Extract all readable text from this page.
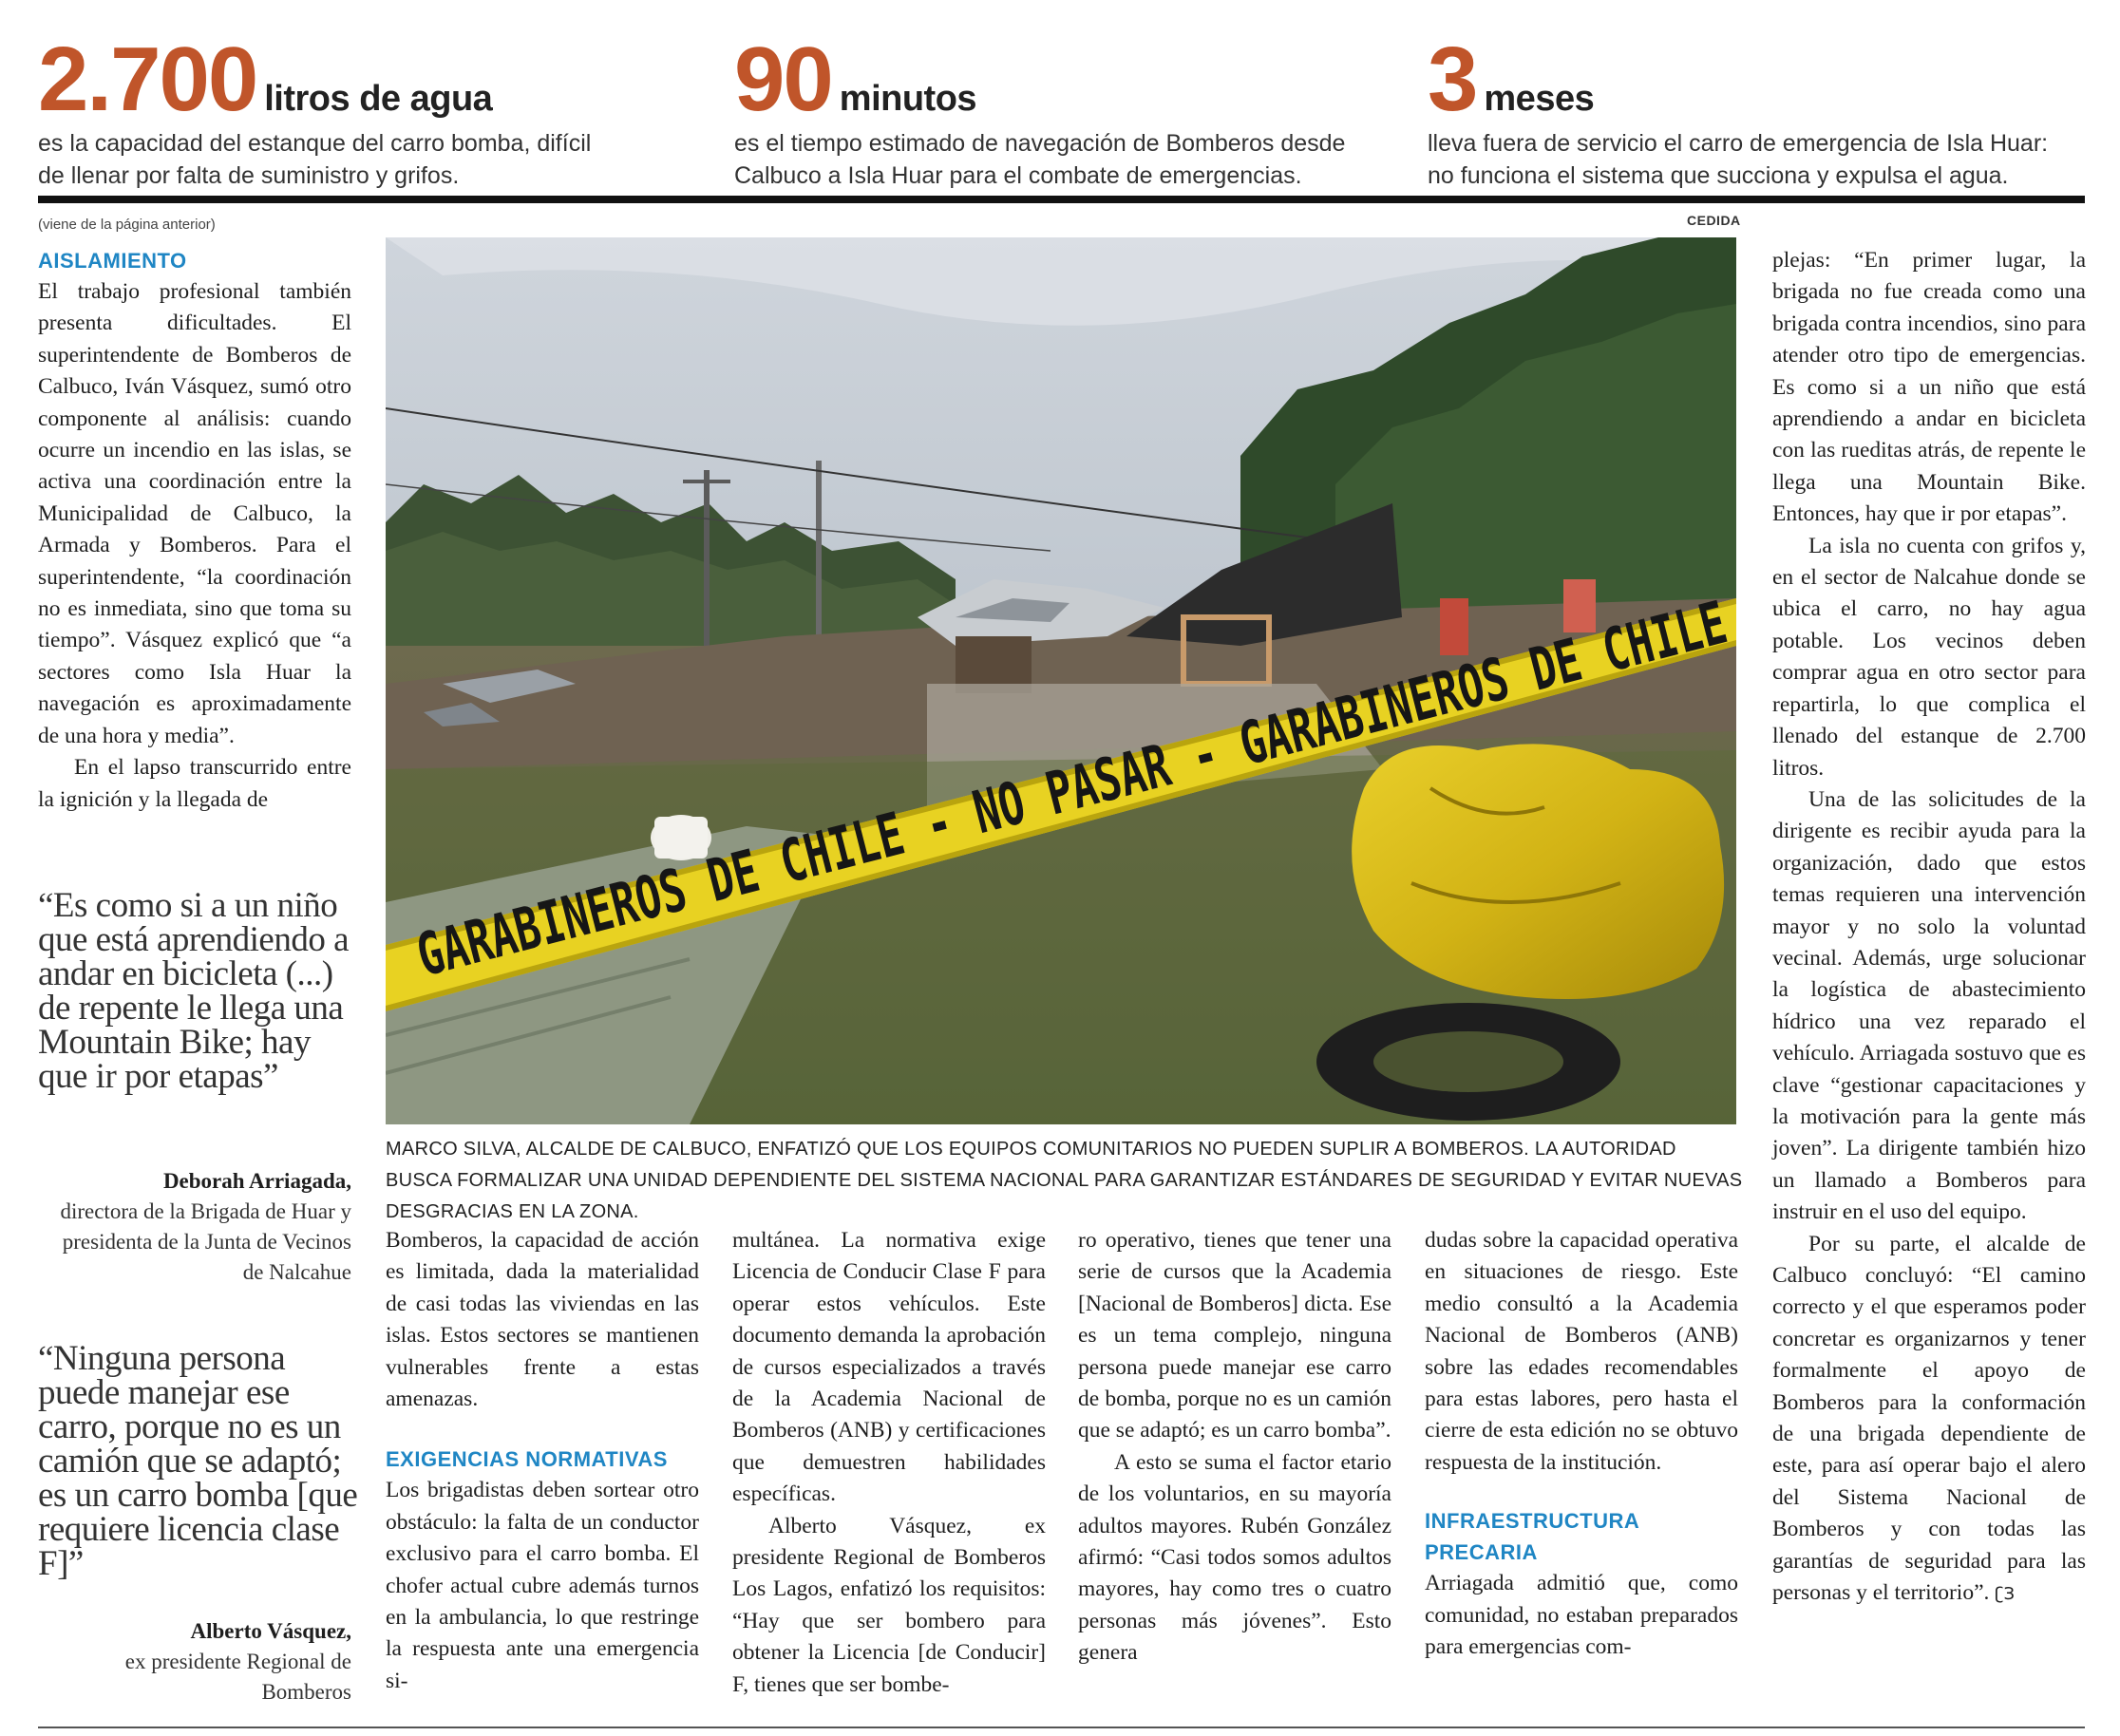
2.700 litros de agua
es la capacidad del estanque del carro bomba, difícil
de llenar por falta de suministro y grifos.
90 minutos
es el tiempo estimado de navegación de Bomberos desde
Calbuco a Isla Huar para el combate de emergencias.
3 meses
lleva fuera de servicio el carro de emergencia de Isla Huar:
no funciona el sistema que succiona y expulsa el agua.
(viene de la página anterior)	CEDIDA
AISLAMIENTO

El trabajo profesional también presenta dificultades. El superintendente de Bomberos de Calbuco, Iván Vásquez, sumó otro componente al análisis: cuando ocurre un incendio en las islas, se activa una coordinación entre la Municipalidad de Calbuco, la Armada y Bomberos. Para el superintendente, “la coordinación no es inmediata, sino que toma su tiempo”. Vásquez explicó que “a sectores como Isla Huar la navegación es aproximadamente de una hora y media”.

En el lapso transcurrido entre la ignición y la llegada de

“Es como si a un niño que está aprendiendo a andar en bicicleta (...) de repente le llega una Mountain Bike; hay que ir por etapas”
Deborah Arriagada,
directora de la Brigada de Huar y presidenta de la Junta de Vecinos de Nalcahue
“Ninguna persona puede manejar ese carro, porque no es un camión que se adaptó; es un carro bomba [que requiere licencia clase F]”
Alberto Vásquez,
ex presidente Regional de Bomberos
MARCO SILVA, ALCALDE DE CALBUCO, ENFATIZÓ QUE LOS EQUIPOS COMUNITARIOS NO PUEDEN SUPLIR A BOMBEROS. LA AUTORIDAD BUSCA FORMALIZAR UNA UNIDAD DEPENDIENTE DEL SISTEMA NACIONAL PARA GARANTIZAR ESTÁNDARES DE SEGURIDAD Y EVITAR NUEVAS DESGRACIAS EN LA ZONA.

Bomberos, la capacidad de acción es limitada, dada la materialidad de casi todas las viviendas en las islas. Estos sectores se mantienen vulnerables frente a estas amenazas.

EXIGENCIAS NORMATIVAS

Los brigadistas deben sortear otro obstáculo: la falta de un conductor exclusivo para el carro bomba. El chofer actual cubre además turnos en la ambulancia, lo que restringe la respuesta ante una emergencia si-

multánea. La normativa exige Licencia de Conducir Clase F para operar estos vehículos. Este documento demanda la aprobación de cursos especializados a través de la Academia Nacional de Bomberos (ANB) y certificaciones que demuestren habilidades específicas.

Alberto Vásquez, ex presidente Regional de Bomberos Los Lagos, enfatizó los requisitos: “Hay que ser bombero para obtener la Licencia [de Conducir] F, tienes que ser bombe-

ro operativo, tienes que tener una serie de cursos que la Academia [Nacional de Bomberos] dicta. Ese es un tema complejo, ninguna persona puede manejar ese carro de bomba, porque no es un camión que se adaptó; es un carro bomba”.

A esto se suma el factor etario de los voluntarios, en su mayoría adultos mayores. Rubén González afirmó: “Casi todos somos adultos mayores, hay como tres o cuatro personas más jóvenes”. Esto genera

dudas sobre la capacidad operativa en situaciones de riesgo. Este medio consultó a la Academia Nacional de Bomberos (ANB) sobre las edades recomendables para estas labores, pero hasta el cierre de esta edición no se obtuvo respuesta de la institución.

INFRAESTRUCTURA
PRECARIA

Arriagada admitió que, como comunidad, no estaban preparados para emergencias com-

plejas: “En primer lugar, la brigada no fue creada como una brigada contra incendios, sino para atender otro tipo de emergencias. Es como si a un niño que está aprendiendo a andar en bicicleta con las rueditas atrás, de repente le llega una Mountain Bike. Entonces, hay que ir por etapas”.

La isla no cuenta con grifos y, en el sector de Nalcahue donde se ubica el carro, no hay agua potable. Los vecinos deben comprar agua en otro sector para repartirla, lo que complica el llenado del estanque de 2.700 litros.

Una de las solicitudes de la dirigente es recibir ayuda para la organización, dado que estos temas requieren una intervención mayor y no solo la voluntad vecinal. Además, urge solucionar la logística de abastecimiento hídrico una vez reparado el vehículo. Arriagada sostuvo que es clave “gestionar capacitaciones y la motivación para la gente más joven”. La dirigente también hizo un llamado a Bomberos para instruir en el uso del equipo.

Por su parte, el alcalde de Calbuco concluyó: “El camino correcto y el que esperamos poder concretar es organizarnos y tener formalmente el apoyo de Bomberos para la conformación de una brigada dependiente de este, para así operar bajo el alero del Sistema Nacional de Bomberos y con todas las garantías de seguridad para las personas y el territorio”. ʗЗ
